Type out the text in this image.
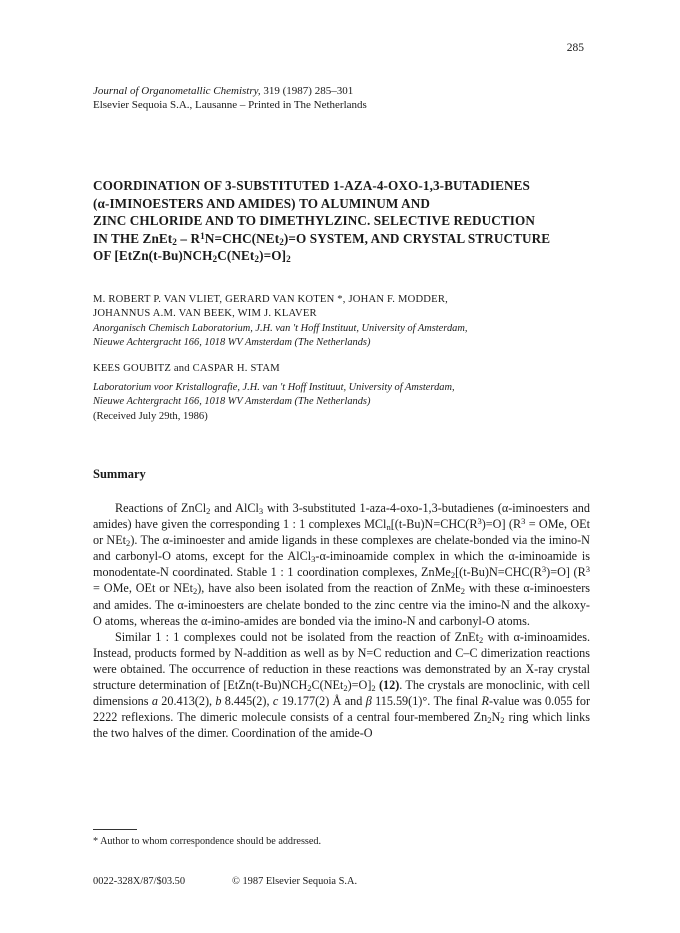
285
Journal of Organometallic Chemistry, 319 (1987) 285–301
Elsevier Sequoia S.A., Lausanne – Printed in The Netherlands
COORDINATION OF 3-SUBSTITUTED 1-AZA-4-OXO-1,3-BUTADIENES
(α-IMINOESTERS AND AMIDES) TO ALUMINUM AND
ZINC CHLORIDE AND TO DIMETHYLZINC. SELECTIVE REDUCTION
IN THE ZnEt$_2$ – $R^1N=CHC(NEt_2)=O$ SYSTEM, AND CRYSTAL STRUCTURE
OF $[EtZn(t-Bu)NCH_2C(NEt_2)=O]_2$
M. ROBERT P. VAN VLIET, GERARD VAN KOTEN *, JOHAN F. MODDER,
JOHANNUS A.M. VAN BEEK, WIM J. KLAVER
Anorganisch Chemisch Laboratorium, J.H. van 't Hoff Instituut, University of Amsterdam,
Nieuwe Achtergracht 166, 1018 WV Amsterdam (The Netherlands)
KEES GOUBITZ and CASPAR H. STAM
Laboratorium voor Kristallografie, J.H. van 't Hoff Instituut, University of Amsterdam,
Nieuwe Achtergracht 166, 1018 WV Amsterdam (The Netherlands)
(Received July 29th, 1986)
Summary

Reactions of ZnCl$_2$ and AlCl$_3$ with 3-substituted 1-aza-4-oxo-1,3-butadienes (α-iminoesters and amides) have given the corresponding 1 : 1 complexes $MCl_n[(t-Bu)N=CHC(R^3)=O] (R^3$ = OMe, OEt or NEt$_2$). The α-iminoester and amide ligands in these complexes are chelate-bonded via the imino-N and carbonyl-O atoms, except for the AlCl$_3$-α-iminoamide complex in which the α-iminoamide is monodentate-N coordinated. Stable 1 : 1 coordination complexes, $ZnMe_2[(t-Bu)N=CHC(R^3)=O] (R^3$ = OMe, OEt or NEt$_2$), have also been isolated from the reaction of ZnMe$_2$ with these α-iminoesters and amides. The α-iminoesters are chelate bonded to the zinc centre via the imino-N and the alkoxy-O atoms, whereas the α-imino-amides are bonded via the imino-N and carbonyl-O atoms.

Similar 1 : 1 complexes could not be isolated from the reaction of ZnEt$_2$ with α-iminoamides. Instead, products formed by N-addition as well as by N=C reduction and C–C dimerization reactions were obtained. The occurrence of reduction in these reactions was demonstrated by an X-ray crystal structure determination of $[EtZn(t-Bu)NCH_2C(NEt_2)=O]_2$ (12). The crystals are monoclinic, with cell dimensions a 20.413(2), b 8.445(2), c 19.177(2) Å and β 115.59(1)°. The final R-value was 0.055 for 2222 reflexions. The dimeric molecule consists of a central four-membered $Zn_2N_2$ ring which links the two halves of the dimer. Coordination of the amide-O

* Author to whom correspondence should be addressed.
0022-328X/87/$03.50	© 1987 Elsevier Sequoia S.A.
